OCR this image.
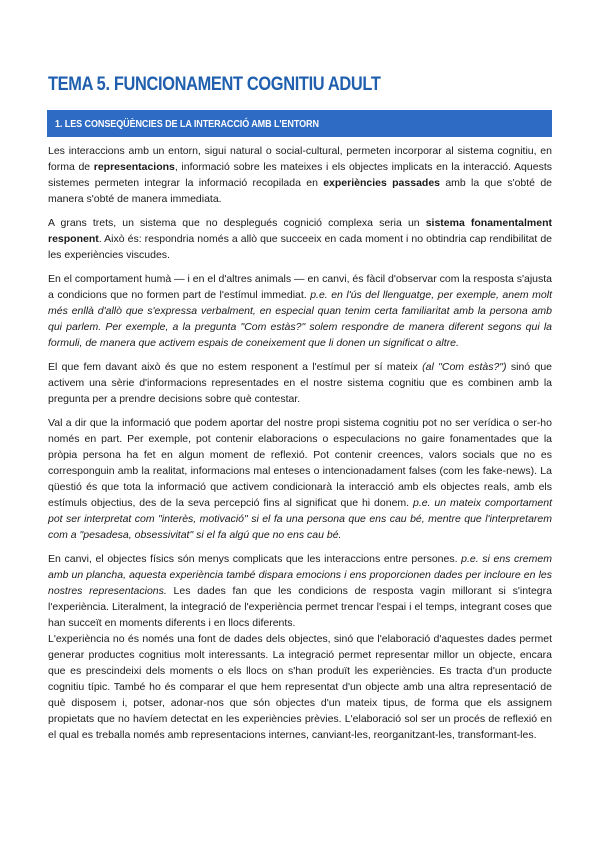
TEMA 5. FUNCIONAMENT COGNITIU ADULT
1. LES CONSEQÜÈNCIES DE LA INTERACCIÓ AMB L'ENTORN

Les interaccions amb un entorn, sigui natural o social-cultural, permeten incorporar al sistema cognitiu, en forma de representacions, informació sobre les mateixes i els objectes implicats en la interacció. Aquests sistemes permeten integrar la informació recopilada en experiències passades amb la que s'obté de manera s'obté de manera immediata.

A grans trets, un sistema que no desplegués cognició complexa seria un sistema fonamentalment responent. Això és: respondria només a allò que succeeix en cada moment i no obtindria cap rendibilitat de les experiències viscudes.

En el comportament humà — i en el d'altres animals — en canvi, és fàcil d'observar com la resposta s'ajusta a condicions que no formen part de l'estímul immediat. p.e. en l'ús del llenguatge, per exemple, anem molt més enllà d'allò que s'expressa verbalment, en especial quan tenim certa familiaritat amb la persona amb qui parlem. Per exemple, a la pregunta "Com estàs?" solem respondre de manera diferent segons qui la formuli, de manera que activem espais de coneixement que li donen un significat o altre.

El que fem davant això és que no estem responent a l'estímul per sí mateix (al "Com estàs?") sinó que activem una sèrie d'informacions representades en el nostre sistema cognitiu que es combinen amb la pregunta per a prendre decisions sobre què contestar.

Val a dir que la informació que podem aportar del nostre propi sistema cognitiu pot no ser verídica o ser-ho només en part. Per exemple, pot contenir elaboracions o especulacions no gaire fonamentades que la pròpia persona ha fet en algun moment de reflexió. Pot contenir creences, valors socials que no es corresponguin amb la realitat, informacions mal enteses o intencionadament falses (com les fake-news). La qüestió és que tota la informació que activem condicionarà la interacció amb els objectes reals, amb els estímuls objectius, des de la seva percepció fins al significat que hi donem. p.e. un mateix comportament pot ser interpretat com "interès, motivació" si el fa una persona que ens cau bé, mentre que l'interpretarem com a "pesadesa, obsessivitat" si el fa algú que no ens cau bé.

En canvi, el objectes físics són menys complicats que les interaccions entre persones. p.e. si ens cremem amb un plancha, aquesta experiència també dispara emocions i ens proporcionen dades per incloure en les nostres representacions. Les dades fan que les condicions de resposta vagin millorant si s'integra l'experiència. Literalment, la integració de l'experiència permet trencar l'espai i el temps, integrant coses que han succeït en moments diferents i en llocs diferents.

L'experiència no és només una font de dades dels objectes, sinó que l'elaboració d'aquestes dades permet generar productes cognitius molt interessants. La integració permet representar millor un objecte, encara que es prescindeixi dels moments o els llocs on s'han produït les experiències. Es tracta d'un producte cognitiu típic. També ho és comparar el que hem representat d'un objecte amb una altra representació de què disposem i, potser, adonar-nos que són objectes d'un mateix tipus, de forma que els assignem propietats que no havíem detectat en les experiències prèvies. L'elaboració sol ser un procés de reflexió en el qual es treballa només amb representacions internes, canviant-les, reorganitzant-les, transformant-les.
